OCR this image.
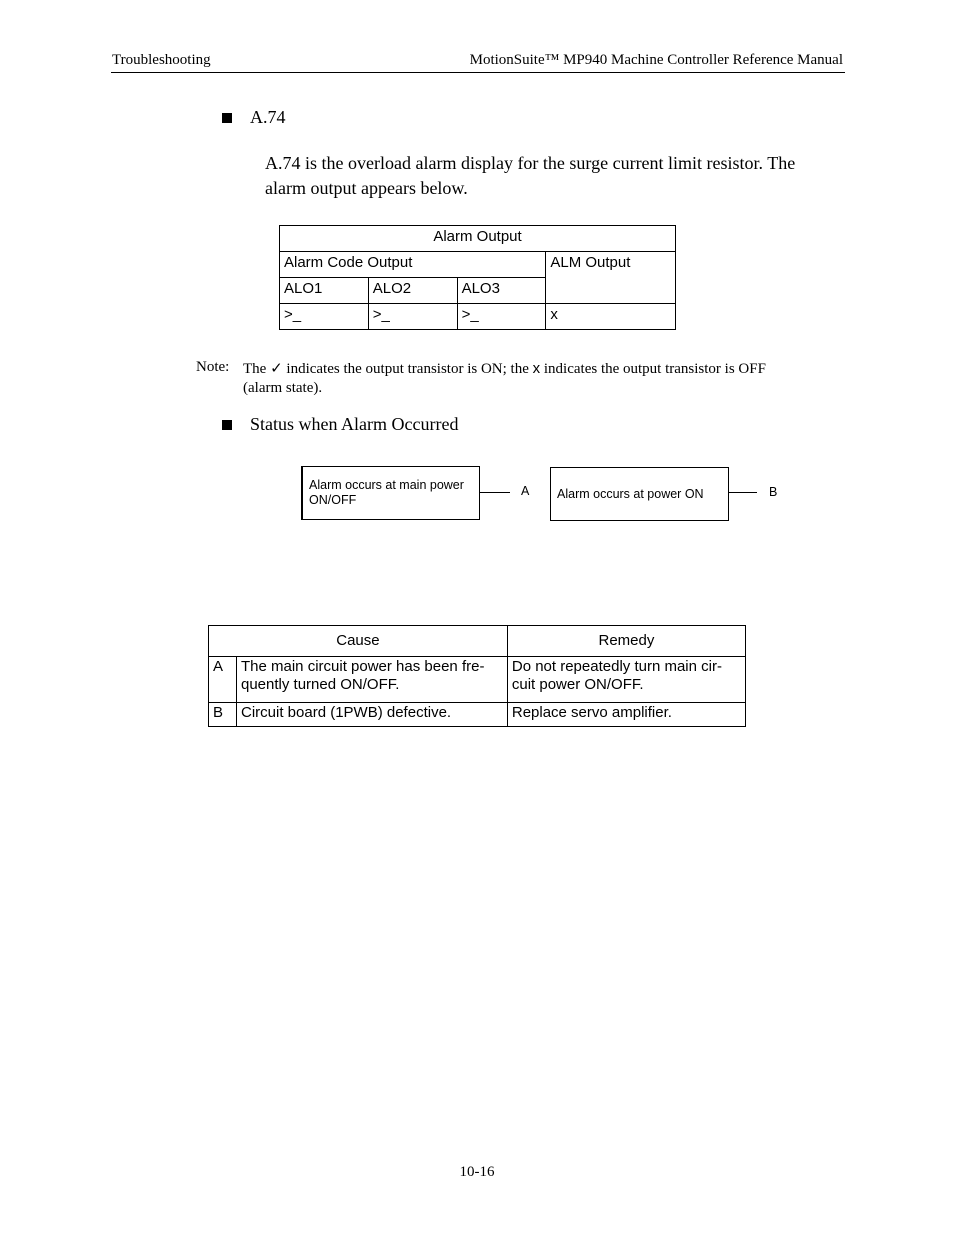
Troubleshooting	MotionSuite™ MP940 Machine Controller Reference Manual
A.74
A.74 is the overload alarm display for the surge current limit resistor. The alarm output appears below.
Alarm Output			
Alarm Code Output			ALM Output
ALO1	ALO2	ALO3	
>_	>_	>_	x
Note: The ✓ indicates the output transistor is ON; the x indicates the output transistor is OFF (alarm state).
Status when Alarm Occurred
Alarm occurs at main power ON/OFF
A Alarm occurs at power ON	B
Cause		Remedy
A	The main circuit power has been fre-quently turned ON/OFF.	Do not repeatedly turn main cir-cuit power ON/OFF.
B	Circuit board (1PWB) defective.	Replace servo amplifier.
10-16
